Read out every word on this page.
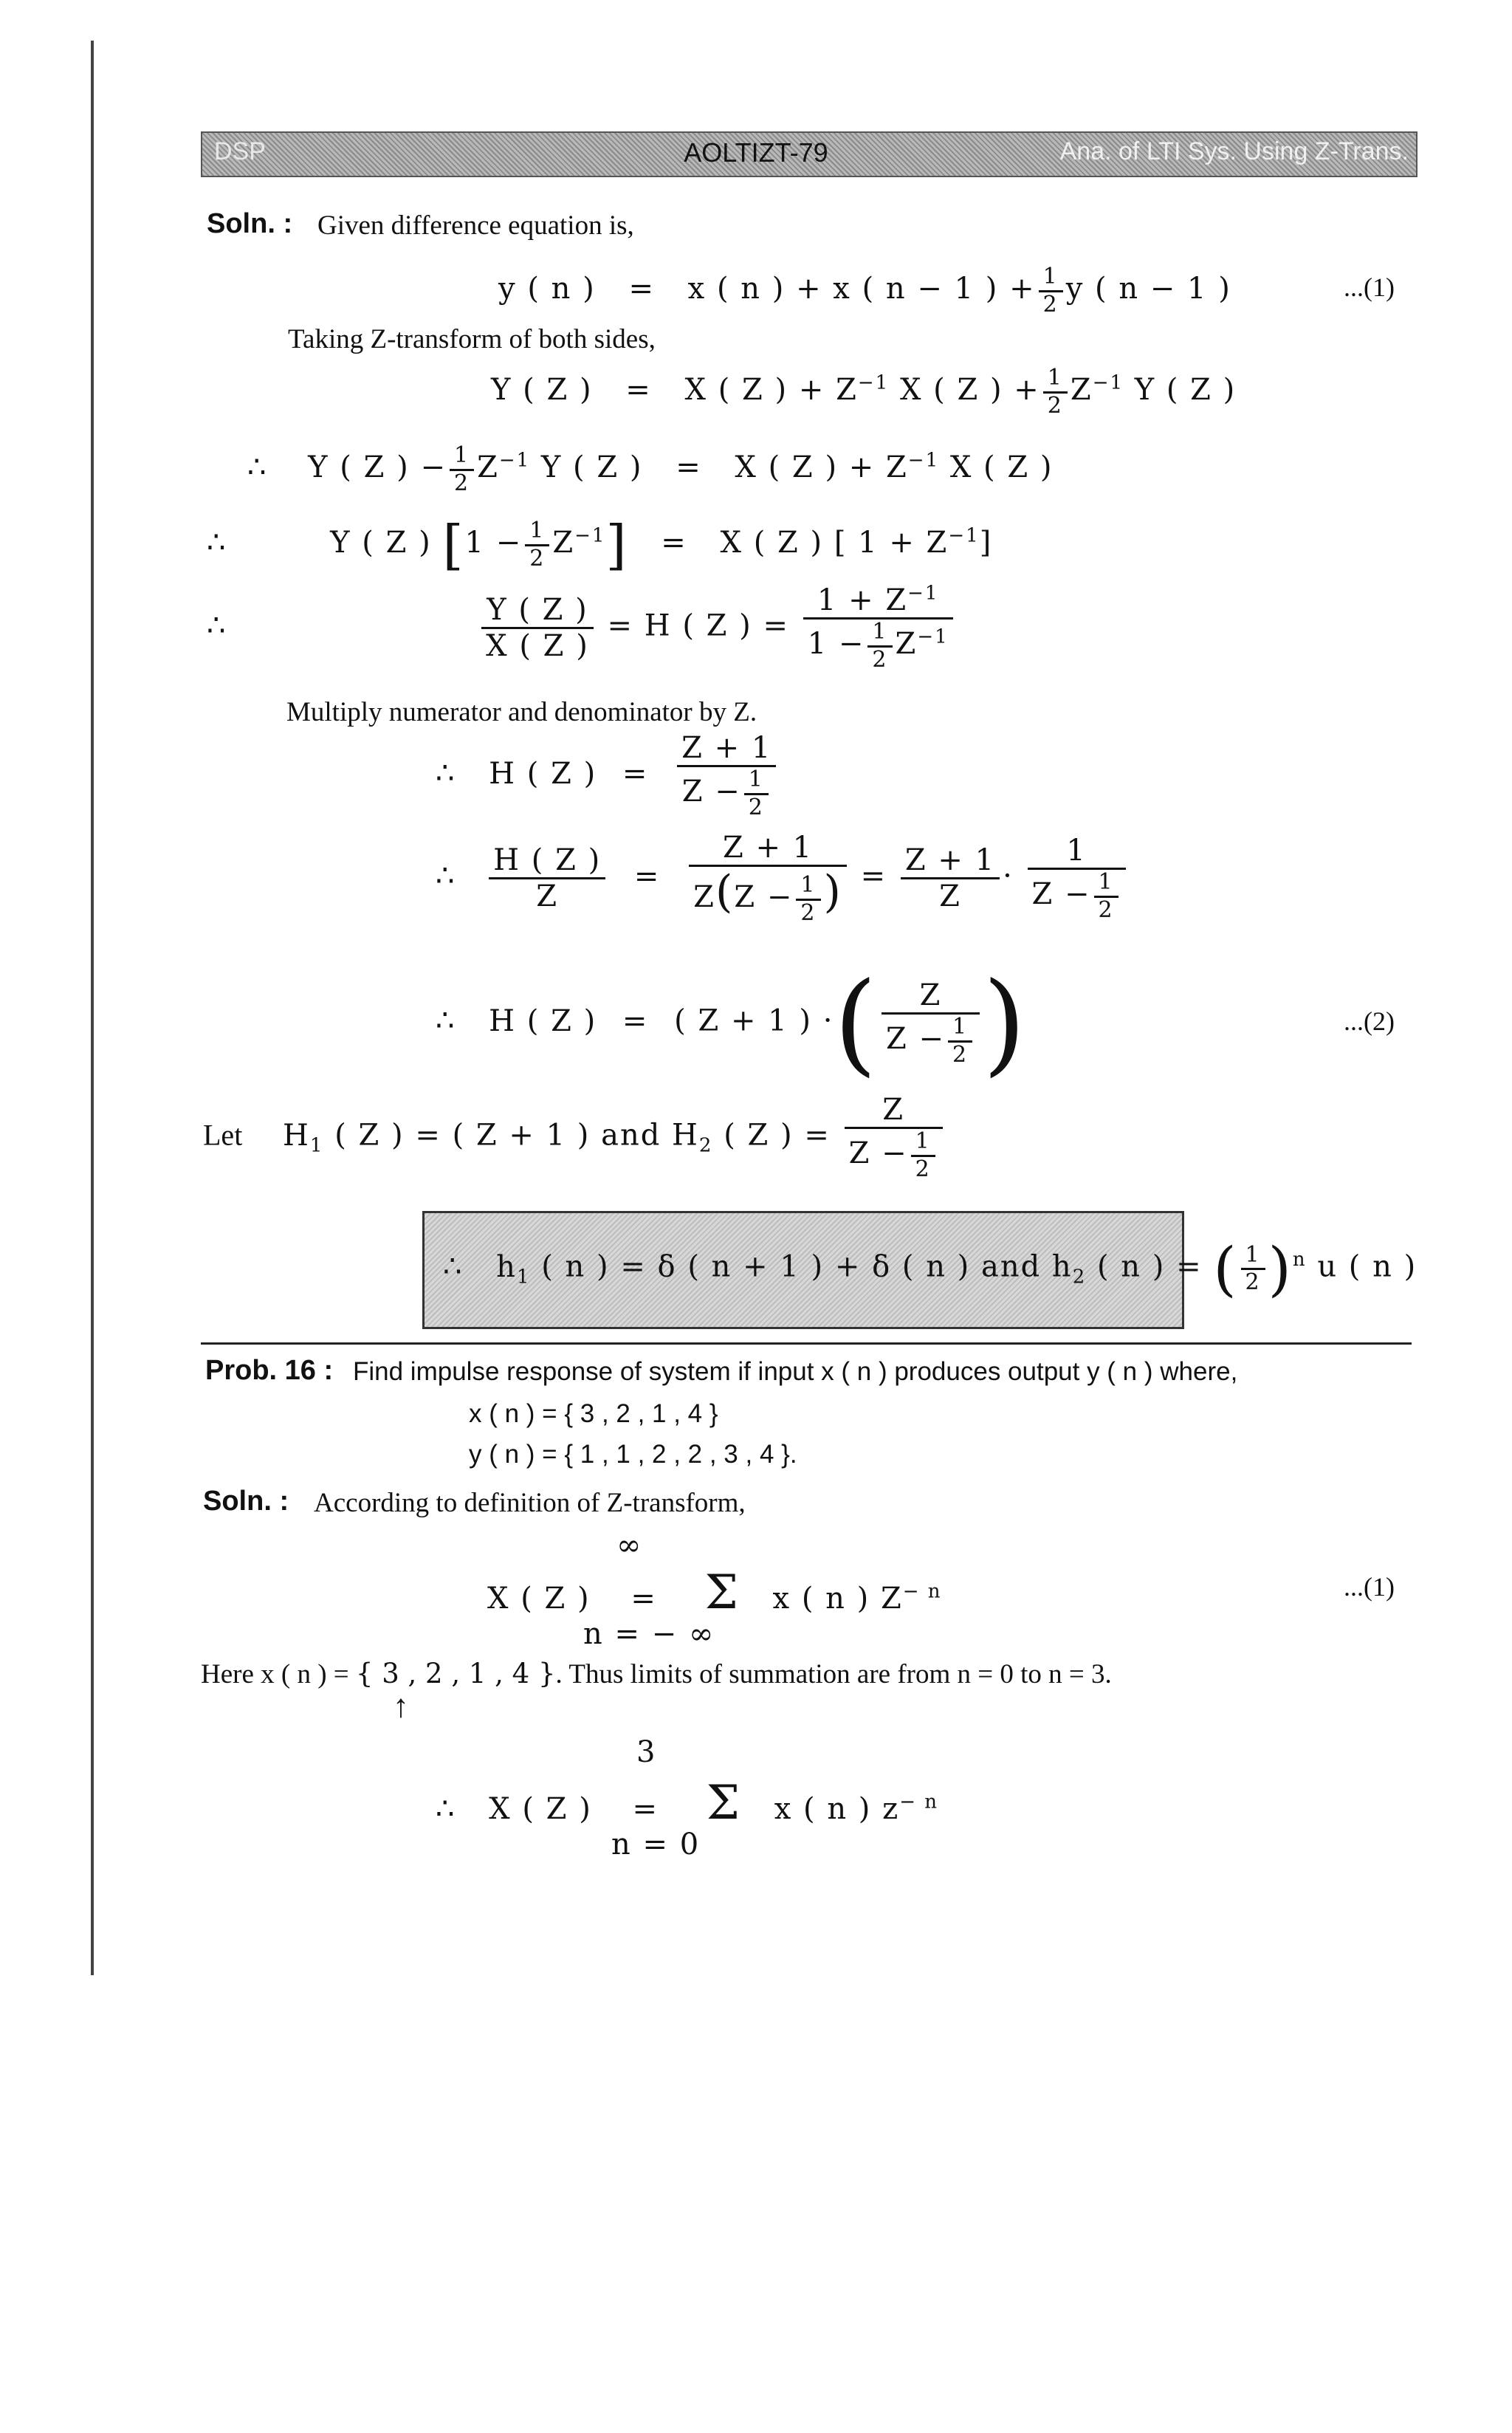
DSP	AOLTIZT-79	Ana. of LTI Sys. Using Z-Trans.
Soln. : Given difference equation is,
y ( n ) = x ( n ) + x ( n − 1 ) + $\frac{1}{2}$ y ( n − 1 )	...(1)
Taking Z-transform of both sides,
Y ( Z ) = X ( Z ) + $Z^{-1}$ X ( Z ) + $\frac{1}{2} Z^{-1}$ Y ( Z )
∴ Y ( Z ) − $\frac{1}{2} Z^{-1}$ Y ( Z ) = X ( Z ) + $Z^{-1}$ X ( Z )
∴	Y ( Z ) $[1 - \frac{1}{2} Z^{-1}] = X$ ( Z ) [ $1 + Z^{-1}$]
∴	$\frac{Y ( Z )}{X ( Z )} = H$ ( Z ) = $\frac{1 + Z^{-1}}{1 - \frac{1}{2} Z^{-1}}$
Multiply numerator and denominator by Z.
∴ H ( Z ) = $\frac{Z + 1}{Z - \frac{1}{2}}$
∴ $\frac{H ( Z )}{Z} = \frac{Z + 1}{Z(Z - \frac{1}{2} )} = \frac{Z + 1}{Z} \cdot \frac{1}{Z - \frac{1}{2}}$
∴ H ( Z ) = ( Z + 1 ) ·( $\frac{Z}{Z - \frac{1}{2}}$ )	...(2)
Let $H_1$ ( Z ) = ( Z + 1 ) and $H_2$ ( Z ) = $\frac{Z}{Z - \frac{1}{2}}$
∴ $h_1$ ( n ) = δ ( n + 1 ) + δ ( n ) and $h_2$ ( n ) = ( $\frac{1}{2} )^n$ u ( n )
Prob. 16 : Find impulse response of system if input x ( n ) produces output y ( n ) where,
x ( n ) = { 3 , 2 , 1 , 4 }
y ( n ) = { 1 , 1 , 2 , 2 , 3 , 4 }.
Soln. : According to definition of Z-transform,
∞
X ( Z ) = Σ x ( n ) $Z^{- n}$
n = − ∞
...(1)
Here x ( n ) = { 3 , 2 , 1 , 4 }. Thus limits of summation are from n = 0 to n = 3.
↑
3
∴ X ( Z ) = Σ x ( n ) $z^{- n}$
n = 0
